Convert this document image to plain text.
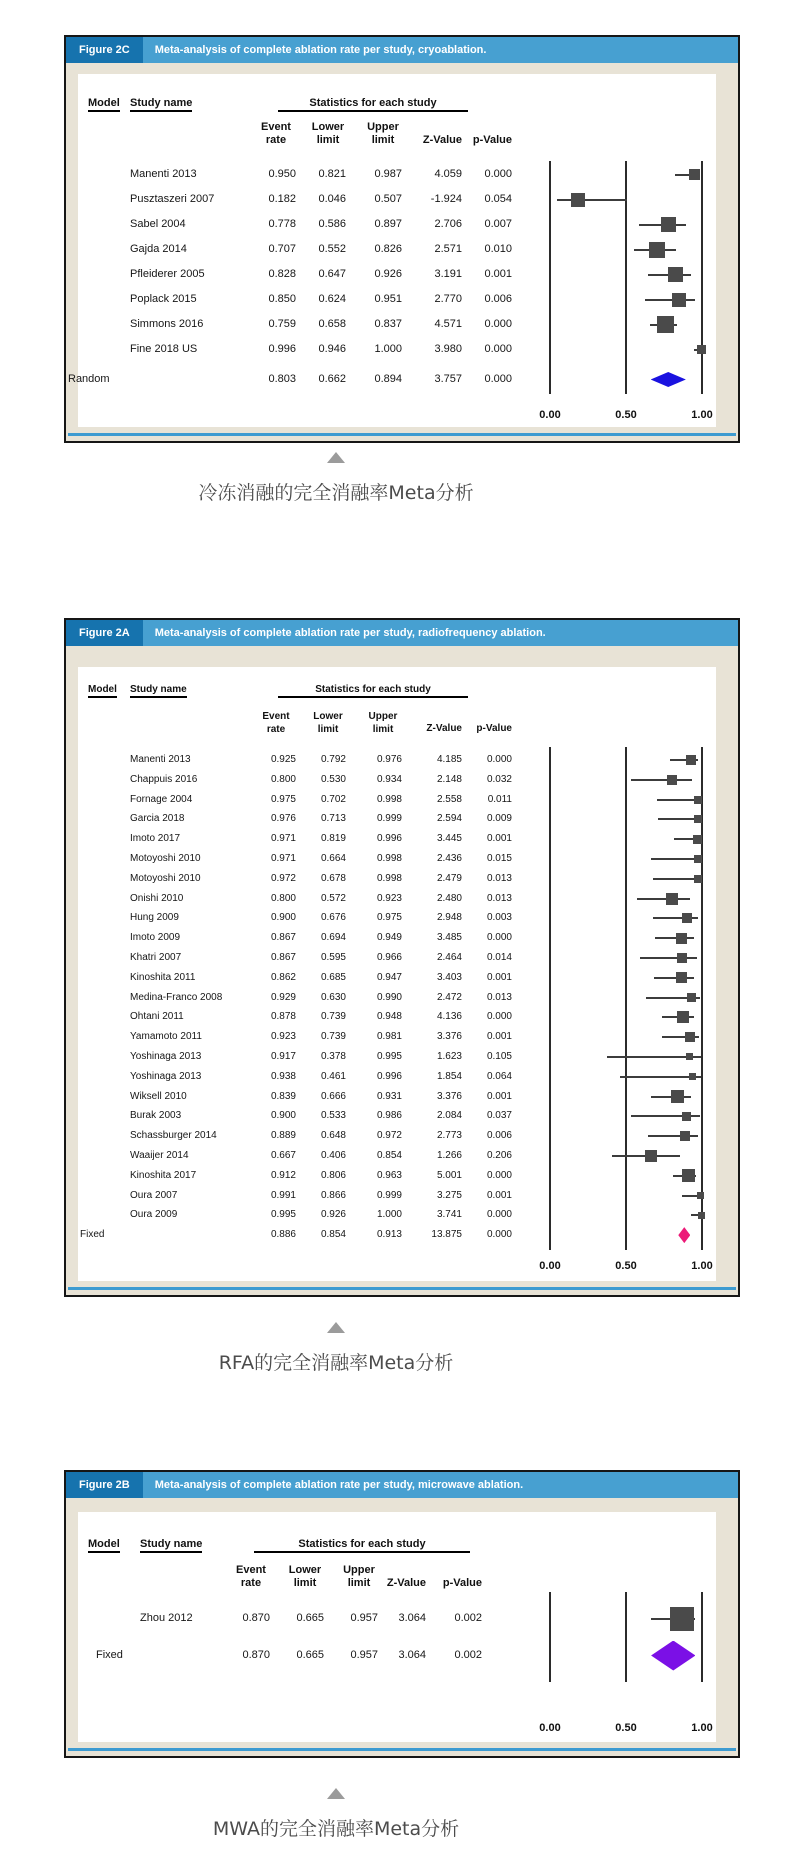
Figure 2C	Meta-analysis of complete ablation rate per study, cryoablation.
Model Study name	Statistics for each study
Event
rate
Lower
limit
Upper
limit	Z-Value p-Value
Manenti 2013	0.950	0.821	0.987	4.059	0.000
Pusztaszeri 2007	0.182	0.046	0.507	-1.924	0.054
Sabel 2004	0.778	0.586	0.897	2.706	0.007
Gajda 2014	0.707	0.552	0.826	2.571	0.010
Pfleiderer 2005	0.828	0.647	0.926	3.191	0.001
Poplack 2015	0.850	0.624	0.951	2.770	0.006
Simmons 2016	0.759	0.658	0.837	4.571	0.000
Fine 2018 US	0.996	0.946	1.000	3.980	0.000
Random	0.803	0.662	0.894	3.757	0.000
0.00	0.50	1.00
冷冻消融的完全消融率Meta分析
Figure 2A	Meta-analysis of complete ablation rate per study, radiofrequency ablation.
Model Study name	Statistics for each study
Event
rate
Lower
limit
Upper
limit	Z-Value	p-Value
Manenti 2013	0.925	0.792	0.976	4.185	0.000
Chappuis 2016	0.800	0.530	0.934	2.148	0.032
Fornage 2004	0.975	0.702	0.998	2.558	0.011
Garcia 2018	0.976	0.713	0.999	2.594	0.009
Imoto 2017	0.971	0.819	0.996	3.445	0.001
Motoyoshi 2010	0.971	0.664	0.998	2.436	0.015
Motoyoshi 2010	0.972	0.678	0.998	2.479	0.013
Onishi 2010	0.800	0.572	0.923	2.480	0.013
Hung 2009	0.900	0.676	0.975	2.948	0.003
Imoto 2009	0.867	0.694	0.949	3.485	0.000
Khatri 2007	0.867	0.595	0.966	2.464	0.014
Kinoshita 2011	0.862	0.685	0.947	3.403	0.001
Medina-Franco 2008	0.929	0.630	0.990	2.472	0.013
Ohtani 2011	0.878	0.739	0.948	4.136	0.000
Yamamoto 2011	0.923	0.739	0.981	3.376	0.001
Yoshinaga 2013	0.917	0.378	0.995	1.623	0.105
Yoshinaga 2013	0.938	0.461	0.996	1.854	0.064
Wiksell 2010	0.839	0.666	0.931	3.376	0.001
Burak 2003	0.900	0.533	0.986	2.084	0.037
Schassburger 2014	0.889	0.648	0.972	2.773	0.006
Waaijer 2014	0.667	0.406	0.854	1.266	0.206
Kinoshita 2017	0.912	0.806	0.963	5.001	0.000
Oura 2007	0.991	0.866	0.999	3.275	0.001
Oura 2009	0.995	0.926	1.000	3.741	0.000
Fixed	0.886	0.854	0.913	13.875	0.000
0.00	0.50	1.00
RFA的完全消融率Meta分析
Figure 2B	Meta-analysis of complete ablation rate per study, microwave ablation.
Model Study name	Statistics for each study
Event
rate
Lower
limit
Upper
limit	Z-Value	p-Value
Zhou 2012	0.870	0.665	0.957	3.064	0.002
Fixed	0.870	0.665	0.957	3.064	0.002
0.00	0.50	1.00
MWA的完全消融率Meta分析
